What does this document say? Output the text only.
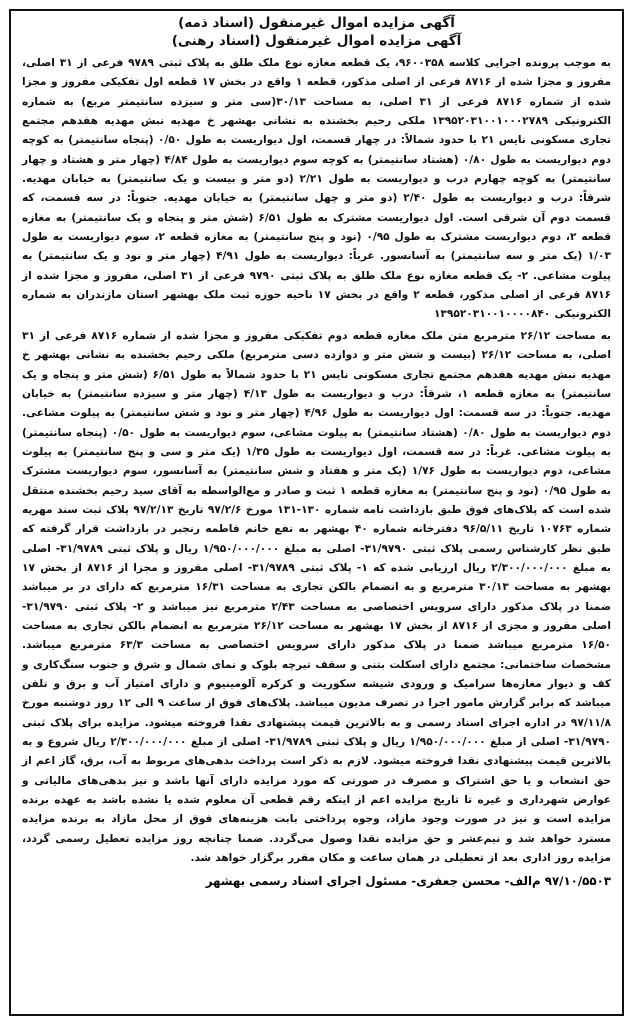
آگهی مزایده اموال غیرمنقول (اسناد ذمه)

آگهی مزایده اموال غیرمنقول (اسناد رهنی)

به موجب پرونده اجرایی کلاسه ۹۶۰۰۳۵۸، یک قطعه مغازه نوع ملک طلق به پلاک ثبتی ۹۷۸۹ فرعی از ۳۱ اصلی، مفروز و مجزا شده از ۸۷۱۶ فرعی از اصلی مذکور، قطعه ۱ واقع در بخش ۱۷ قطعه اول تفکیکی مفروز و مجزا شده از شماره ۸۷۱۶ فرعی از ۳۱ اصلی، به مساحت ۳۰/۱۳(سی متر و سیزده سانتیمتر مربع) به شماره الکترونیکی ۱۳۹۵۲۰۳۱۰۰۱۰۰۰۲۷۸۹ ملکی رحیم بخشنده به نشانی بهشهر خ مهدیه نبش مهدیه هفدهم مجتمع تجاری مسکونی نایس ۲۱ با حدود شمالاً: در چهار قسمت، اول دیواریست به طول ۰/۵۰ (پنجاه سانتیمتر) به کوچه دوم دیواریست به طول ۰/۸۰ (هشتاد سانتیمتر) به کوچه سوم دیواریست به طول ۴/۸۴ (چهار متر و هشتاد و چهار سانتیمتر) به کوچه چهارم درب و دیواریست به طول ۲/۲۱ (دو متر و بیست و یک سانتیمتر) به خیابان مهدیه. شرقاً: درب و دیواریست به طول ۲/۴۰ (دو متر و چهل سانتیمتر) به خیابان مهدیه. جنوباً: در سه قسمت، که قسمت دوم آن شرقی است. اول دیواریست مشترک به طول ۶/۵۱ (شش متر و پنجاه و یک سانتیمتر) به مغازه قطعه ۲، دوم دیواریست مشترک به طول ۰/۹۵ (نود و پنج سانتیمتر) به مغازه قطعه ۲، سوم دیواریست به طول ۱/۰۳ (یک متر و سه سانتیمتر) به آسانسور. غرباً: دیواریست به طول ۴/۹۱ (چهار متر و نود و یک سانتیمتر) به پیلوت مشاعی. ۲- یک قطعه مغازه نوع ملک طلق به پلاک ثبتی ۹۷۹۰ فرعی از ۳۱ اصلی، مفروز و مجزا شده از ۸۷۱۶ فرعی از اصلی مذکور، قطعه ۲ واقع در بخش ۱۷ ناحیه حوزه ثبت ملک بهشهر استان مازندران به شماره الکترونیکی ۱۳۹۵۲۰۳۱۰۰۱۰۰۰۰۸۴۰

به مساحت ۲۶/۱۲ مترمربع متن ملک مغازه قطعه دوم تفکیکی مفروز و مجزا شده از شماره ۸۷۱۶ فرعی از ۳۱ اصلی، به مساحت ۲۶/۱۲ (بیست و شش متر و دوازده دسی مترمربع) ملکی رحیم بخشنده به نشانی بهشهر خ مهدیه نبش مهدیه هفدهم مجتمع تجاری مسکونی نایس ۲۱ با حدود شمالاً به طول ۶/۵۱ (شش متر و پنجاه و یک سانتیمتر) به مغازه قطعه ۱، شرقاً: درب و دیواریست به طول ۴/۱۳ (چهار متر و سیزده سانتیمتر) به خیابان مهدیه. جنوباً: در سه قسمت: اول دیواریست به طول ۴/۹۶ (چهار متر و نود و شش سانتیمتر) به پیلوت مشاعی. دوم دیواریست به طول ۰/۸۰ (هشتاد سانتیمتر) به پیلوت مشاعی، سوم دیواریست به طول ۰/۵۰ (پنجاه سانتیمتر) به پیلوت مشاعی. غرباً: در سه قسمت، اول دیواریست به طول ۱/۳۵ (یک متر و سی و پنج سانتیمتر) به پیلوت مشاعی، دوم دیواریست به طول ۱/۷۶ (یک متر و هفتاد و شش سانتیمتر) به آسانسور، سوم دیواریست مشترک به طول ۰/۹۵ (نود و پنج سانتیمتر) به مغازه قطعه ۱ ثبت و صادر و مع‌الواسطه به آقای سید رحیم بخشنده منتقل شده است که پلاک‌های فوق طبق بازداشت نامه شماره ۱۳۰-۱۳۱ مورخ ۹۷/۲/۶ تاریخ ۹۷/۲/۱۳ پلاک ثبت سند مهریه شماره ۱۰۷۶۳ تاریخ ۹۶/۵/۱۱ دفترخانه شماره ۴۰ بهشهر به نفع خانم فاطمه رنجبر در بازداشت قرار گرفته که طبق نظر کارشناس رسمی پلاک ثبتی ۳۱/۹۷۹۰- اصلی به مبلغ ۱/۹۵۰/۰۰۰/۰۰۰ ریال و پلاک ثبتی ۳۱/۹۷۸۹- اصلی به مبلغ ۲/۳۰۰/۰۰۰/۰۰۰ ریال ارزیابی شده که ۱- پلاک ثبتی ۳۱/۹۷۸۹- اصلی مفروز و مجزا از ۸۷۱۶ از بخش ۱۷ بهشهر به مساحت ۳۰/۱۳ مترمربع و به انضمام بالکن تجاری به مساحت ۱۶/۳۱ مترمربع که دارای در بر میباشد ضمنا در پلاک مذکور دارای سرویس اختصاصی به مساحت ۲/۴۳ مترمربع نیز میباشد و ۲- پلاک ثبتی ۳۱/۹۷۹۰- اصلی مفروز و مجزی از ۸۷۱۶ از بخش ۱۷ بهشهر به مساحت ۲۶/۱۲ مترمربع به انضمام بالکن تجاری به مساحت ۱۶/۵۰ مترمربع میباشد ضمنا در پلاک مذکور دارای سرویس اختصاصی به مساحت ۶۳/۳ مترمربع میباشد. مشخصات ساختمانی: مجتمع دارای اسکلت بتنی و سقف تیرچه بلوک و نمای شمال و شرق و جنوب سنگ‌کاری و کف و دیوار مغازه‌ها سرامیک و ورودی شیشه سکوریت و کرکره آلومینیوم و دارای امتیاز آب و برق و تلفن میباشد که برابر گزارش مامور اجرا در تصرف مدیون میباشد. پلاک‌های فوق از ساعت ۹ الی ۱۲ روز دوشنبه مورخ ۹۷/۱۱/۸ در اداره اجرای اسناد رسمی و به بالاترین قیمت پیشنهادی نقدا فروخته میشود. مزایده برای پلاک ثبتی ۳۱/۹۷۹۰- اصلی از مبلغ ۱/۹۵۰/۰۰۰/۰۰۰ ریال و پلاک ثبتی ۳۱/۹۷۸۹- اصلی از مبلغ ۲/۳۰۰/۰۰۰/۰۰۰ ریال شروع و به بالاترین قیمت پیشنهادی نقدا فروخته میشود. لازم به ذکر است پرداخت بدهی‌های مربوط به آب، برق، گاز اعم از حق انشعاب و یا حق اشتراک و مصرف در صورتی که مورد مزایده دارای آنها باشد و نیز بدهی‌های مالیاتی و عوارض شهرداری و غیره تا تاریخ مزایده اعم از اینکه رقم قطعی آن معلوم شده یا نشده باشد به عهده برنده مزایده است و نیز در صورت وجود مازاد، وجوه پرداختی بابت هزینه‌های فوق از محل مازاد به برنده مزایده مسترد خواهد شد و نیم‌عشر و حق مزایده نقدا وصول می‌گردد. ضمنا چنانچه روز مزایده تعطیل رسمی گردد، مزایده روز اداری بعد از تعطیلی در همان ساعت و مکان مقرر برگزار خواهد شد.

۹۷/۱۰/۵۵۰۳ م‌الف- محسن جعفری- مسئول اجرای اسناد رسمی بهشهر
